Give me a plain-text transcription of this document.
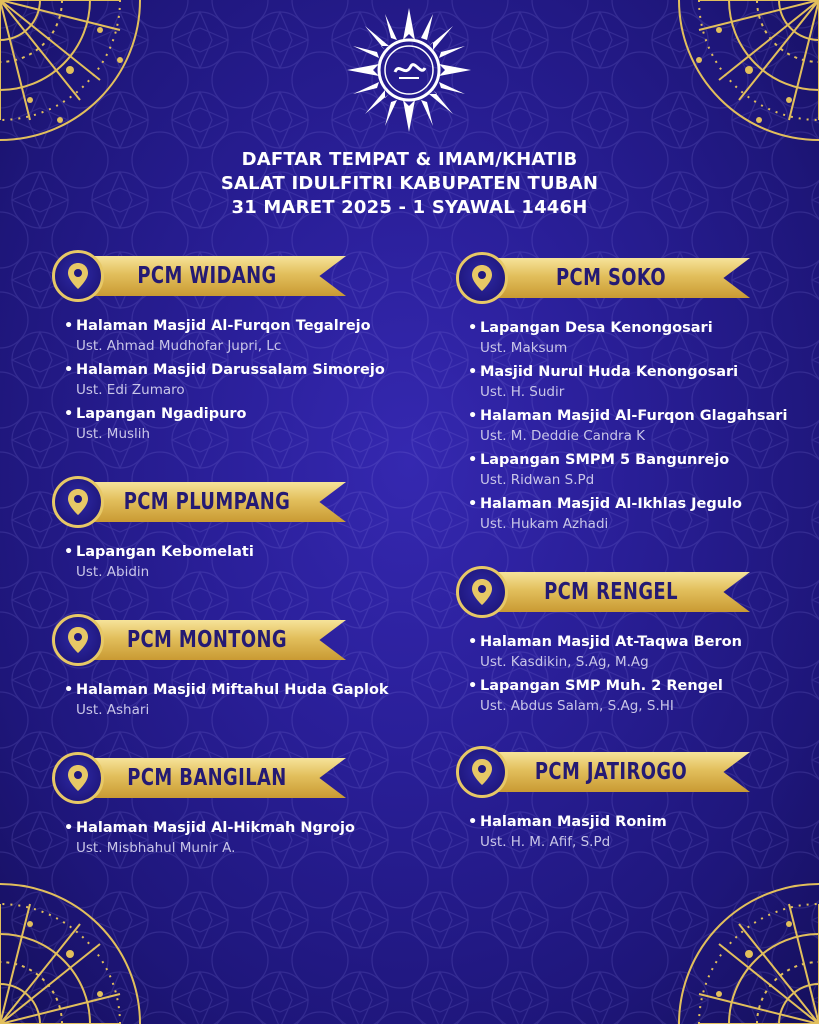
DAFTAR TEMPAT & IMAM/KHATIB
SALAT IDULFITRI KABUPATEN TUBAN
31 MARET 2025 - 1 SYAWAL 1446H
PCM WIDANG
• Halaman Masjid Al-Furqon Tegalrejo
Ust. Ahmad Mudhofar Jupri, Lc
• Halaman Masjid Darussalam Simorejo
Ust. Edi Zumaro
• Lapangan Ngadipuro
Ust. Muslih
PCM PLUMPANG
• Lapangan Kebomelati
Ust. Abidin
PCM MONTONG
• Halaman Masjid Miftahul Huda Gaplok
Ust. Ashari
PCM BANGILAN
• Halaman Masjid Al-Hikmah Ngrojo
Ust. Misbhahul Munir A.
PCM SOKO
• Lapangan Desa Kenongosari
Ust. Maksum
• Masjid Nurul Huda Kenongosari
Ust. H. Sudir
• Halaman Masjid Al-Furqon Glagahsari
Ust. M. Deddie Candra K
• Lapangan SMPM 5 Bangunrejo
Ust. Ridwan S.Pd
• Halaman Masjid Al-Ikhlas Jegulo
Ust. Hukam Azhadi
PCM RENGEL
• Halaman Masjid At-Taqwa Beron
Ust. Kasdikin, S.Ag, M.Ag
• Lapangan SMP Muh. 2 Rengel
Ust. Abdus Salam, S.Ag, S.HI
PCM JATIROGO
• Halaman Masjid Ronim
Ust. H. M. Afif, S.Pd
